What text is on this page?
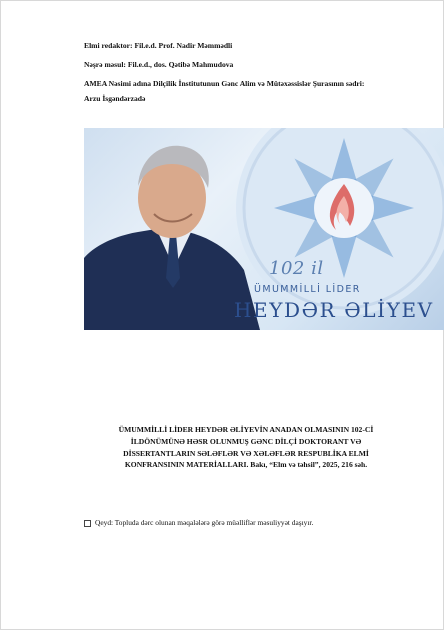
Elmi redaktor: Fil.e.d. Prof. Nadir Məmmədli

Nəşrə məsul: Fil.e.d., dos. Qətibə Mahmudova

AMEA Nəsimi adına Dilçilik İnstitutunun Gənc Alim və Mütəxəssislər Şurasının sədri:

Arzu İsgəndərzadə

102 il
ÜMUMMİLLİ LİDER
HEYDƏR ƏLİYEV
ÜMUMMİLLİ LİDER HEYDƏR ƏLİYEVİN ANADAN OLMASININ 102-Cİ İLDÖNÜMÜNƏ HƏSR OLUNMUŞ GƏNC DİLÇİ DOKTORANT VƏ DİSSERTANTLARIN SƏLƏFLƏR VƏ XƏLƏFLƏR RESPUBLİKA ELMİ KONFRANSININ MATERİALLARI. Bakı, “Elm və təhsil”, 2025, 216 səh.
Qeyd: Topluda dərc olunan məqalələrə görə müəlliflər məsuliyyət daşıyır.
